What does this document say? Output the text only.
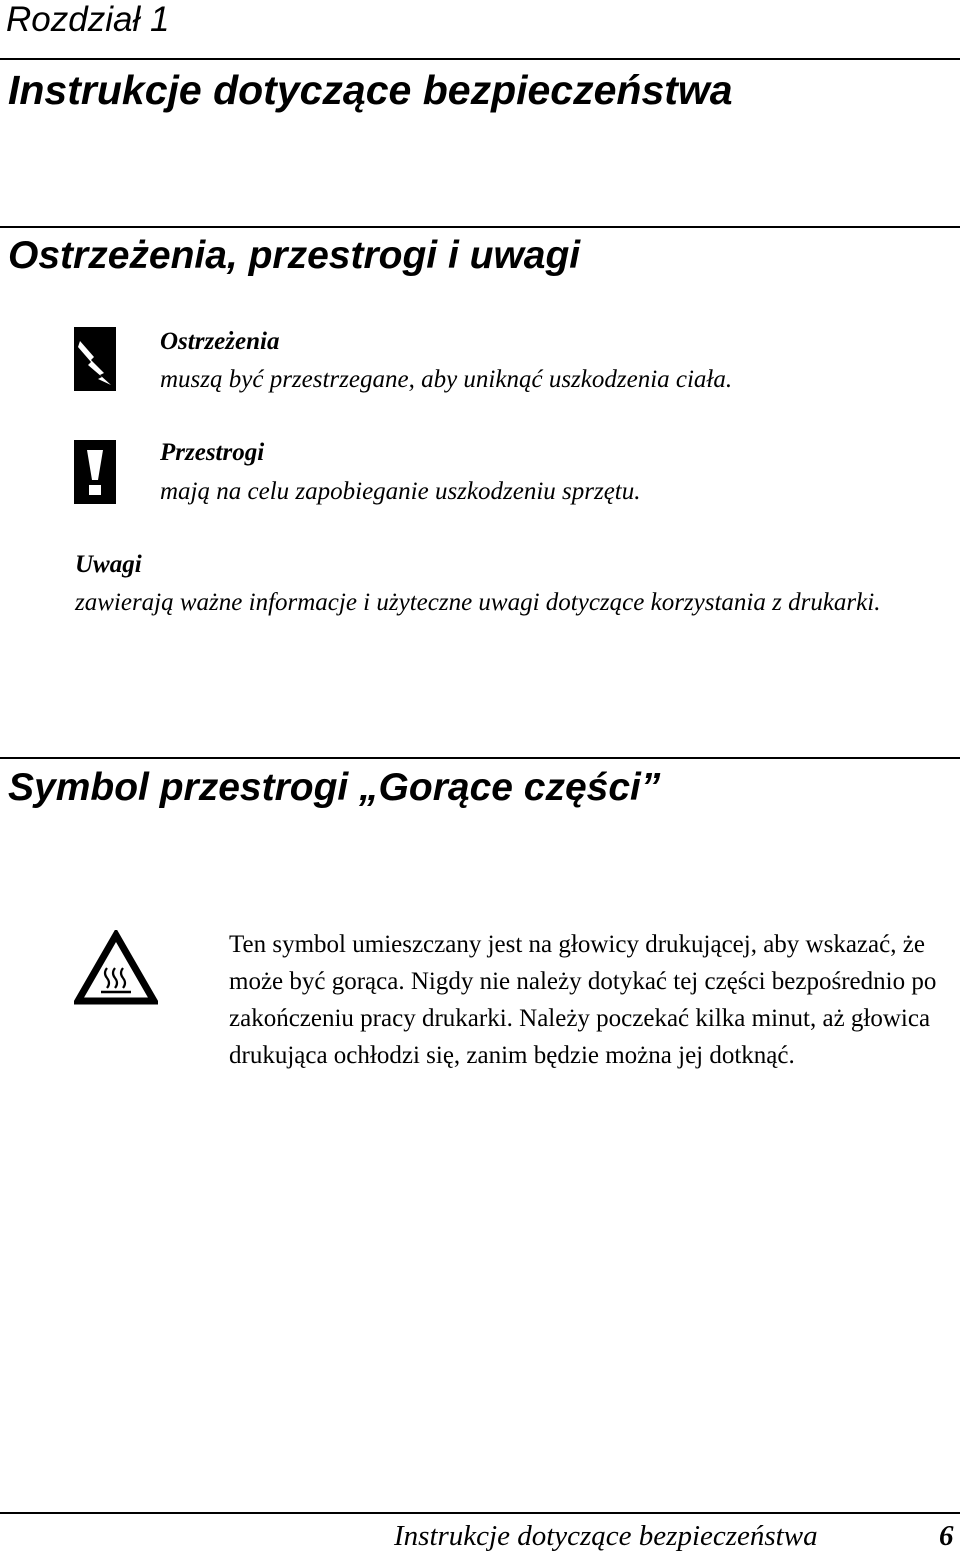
Rozdział 1
Instrukcje dotyczące bezpieczeństwa
Ostrzeżenia, przestrogi i uwagi
Ostrzeżenia
muszą być przestrzegane, aby uniknąć uszkodzenia ciała.
Przestrogi
mają na celu zapobieganie uszkodzeniu sprzętu.
Uwagi
zawierają ważne informacje i użyteczne uwagi dotyczące korzystania z drukarki.
Symbol przestrogi „Gorące części”
Ten symbol umieszczany jest na głowicy drukującej, aby wskazać, że może być gorąca. Nigdy nie należy dotykać tej części bezpośrednio po zakończeniu pracy drukarki. Należy poczekać kilka minut, aż głowica drukująca ochłodzi się, zanim będzie można jej dotknąć.
Instrukcje dotyczące bezpieczeństwa	6
